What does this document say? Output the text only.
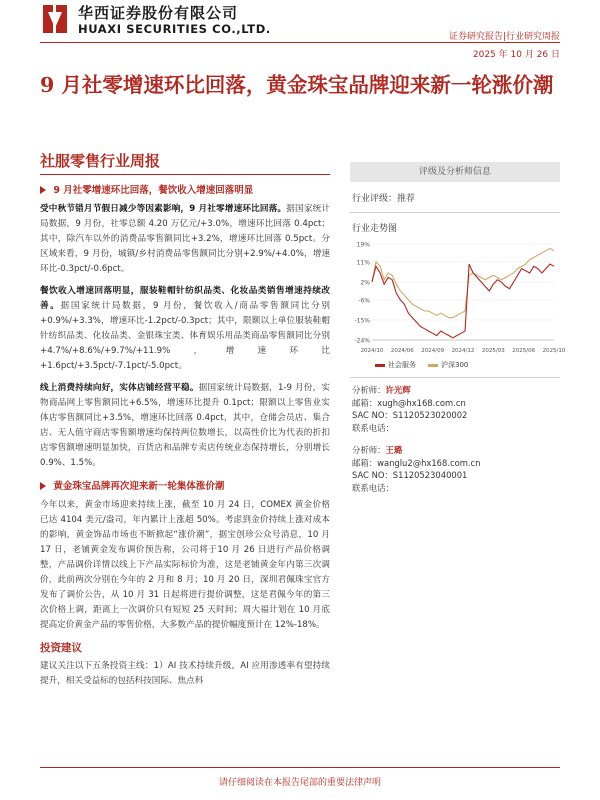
华西证券股份有限公司
HUAXI SECURITIES CO.,LTD.
证券研究报告|行业研究周报
2025 年 10 月 26 日
9 月社零增速环比回落，黄金珠宝品牌迎来新一轮涨价潮
社服零售行业周报
9 月社零增速环比回落，餐饮收入增速回落明显

受中秋节错月节假日减少等因素影响，9 月社零增速环比回落。据国家统计局数据，9 月份，社零总额 4.20 万亿元/+3.0%，增速环比回落 0.4pct；其中，除汽车以外的消费品零售额同比+3.2%，增速环比回落 0.5pct。分区域来看，9 月份，城镇/乡村消费品零售额同比分别+2.9%/+4.0%，增速环比-0.3pct/-0.6pct。

餐饮收入增速回落明显，服装鞋帽针纺织品类、化妆品类销售增速持续改善。据国家统计局数据，9 月份，餐饮收入/商品零售额同比分别+0.9%/+3.3%，增速环比-1.2pct/-0.3pct；其中，限额以上单位服装鞋帽针纺织品类、化妆品类、金银珠宝类、体育娱乐用品类商品零售额同比分别+4.7%/+8.6%/+9.7%/+11.9%，增速环比+1.6pct/+3.5pct/-7.1pct/-5.0pct。

线上消费持续向好，实体店铺经营平稳。据国家统计局数据，1-9 月份，实物商品网上零售额同比+6.5%，增速环比提升 0.1pct；限额以上零售业实体店零售额同比+3.5%，增速环比回落 0.4pct，其中，仓储会员店、集合店、无人值守商店零售额增速均保持两位数增长，以高性价比为代表的折扣店零售额增速明显加快，百货店和品牌专卖店传统业态保持增长，分别增长 0.9%、1.5%。

黄金珠宝品牌再次迎来新一轮集体涨价潮

今年以来，黄金市场迎来持续上涨，截至 10 月 24 日，COMEX 黄金价格已达 4104 美元/盎司，年内累计上涨超 50%。考虑到金价持续上涨对成本的影响，黄金饰品市场也不断掀起“涨价潮”，据宝创珍公众号消息，10 月 17 日，老铺黄金发布调价预告称，公司将于10 月 26 日进行产品价格调整，产品调价详情以线上下产品实际标价为准，这是老铺黄金年内第三次调价，此前两次分别在今年的 2 月和 8 月；10 月 20 日，深圳君佩珠宝官方发布了调价公告，从 10 月 31 日起将进行提价调整，这是君佩今年的第三次价格上调，距离上一次调价只有短短 25 天时间；周大福计划在 10 月底提高定价黄金产品的零售价格，大多数产品的提价幅度预计在 12%-18%。

投资建议

建议关注以下五条投资主线：1）AI 技术持续升级，AI 应用渗透率有望持续提升，相关受益标的包括科技国际、焦点科

评级及分析师信息
行业评级：推荐
行业走势图
19%
11%
2%
-6%
-15%
-24%
2024/10 2024/06 2024/09 2024/12 2025/03 2025/06 2025/10
社会服务	沪深300
分析师：许光辉
邮箱：xugh@hx168.com.cn
SAC NO：S1120523020002
联系电话：
分析师：王璐
邮箱：wanglu2@hx168.com.cn
SAC NO：S1120523040001
联系电话：
请仔细阅读在本报告尾部的重要法律声明
